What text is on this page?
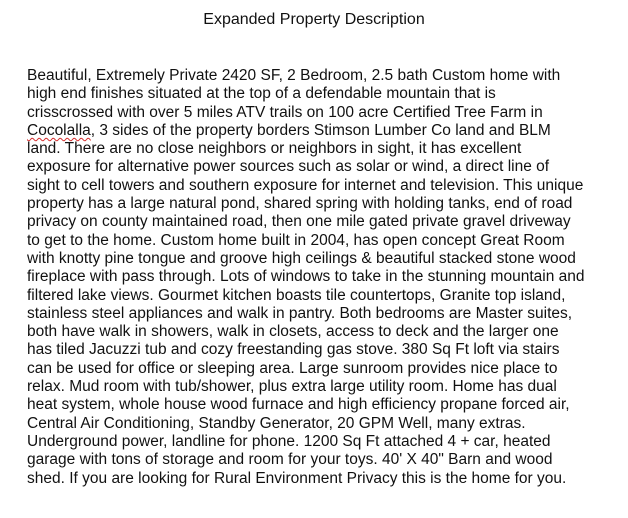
Expanded Property Description

Beautiful, Extremely Private 2420 SF, 2 Bedroom, 2.5 bath Custom home with
high end finishes situated at the top of a defendable mountain that is
crisscrossed with over 5 miles ATV trails on 100 acre Certified Tree Farm in
Cocolalla, 3 sides of the property borders Stimson Lumber Co land and BLM
land. There are no close neighbors or neighbors in sight, it has excellent
exposure for alternative power sources such as solar or wind, a direct line of
sight to cell towers and southern exposure for internet and television. This unique
property has a large natural pond, shared spring with holding tanks, end of road
privacy on county maintained road, then one mile gated private gravel driveway
to get to the home. Custom home built in 2004, has open concept Great Room
with knotty pine tongue and groove high ceilings & beautiful stacked stone wood
fireplace with pass through. Lots of windows to take in the stunning mountain and
filtered lake views. Gourmet kitchen boasts tile countertops, Granite top island,
stainless steel appliances and walk in pantry. Both bedrooms are Master suites,
both have walk in showers, walk in closets, access to deck and the larger one
has tiled Jacuzzi tub and cozy freestanding gas stove. 380 Sq Ft loft via stairs
can be used for office or sleeping area. Large sunroom provides nice place to
relax. Mud room with tub/shower, plus extra large utility room. Home has dual
heat system, whole house wood furnace and high efficiency propane forced air,
Central Air Conditioning, Standby Generator, 20 GPM Well, many extras.
Underground power, landline for phone. 1200 Sq Ft attached 4 + car, heated
garage with tons of storage and room for your toys. 40' X 40" Barn and wood
shed. If you are looking for Rural Environment Privacy this is the home for you.
